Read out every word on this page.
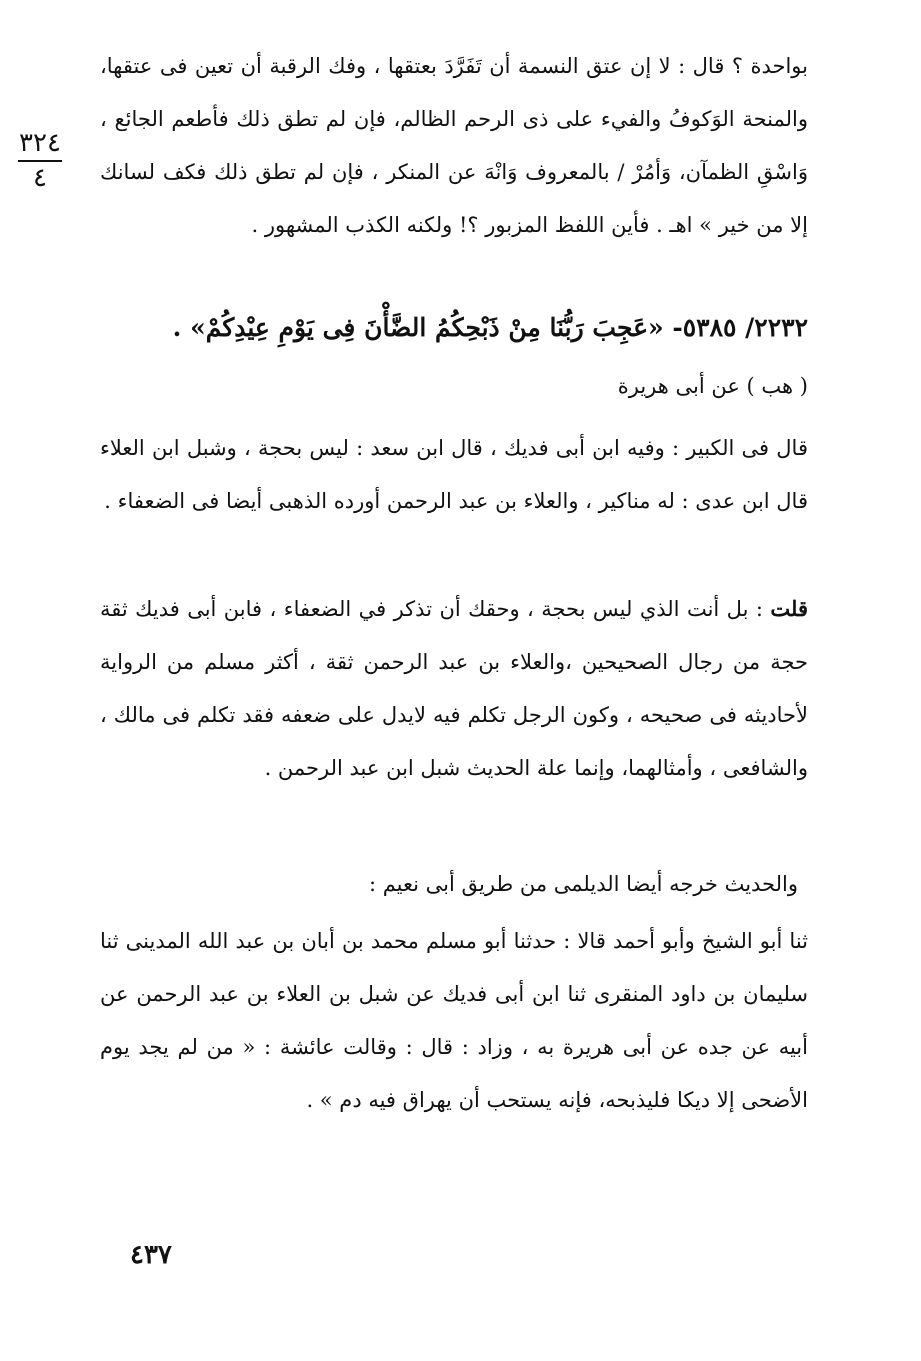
٣٢٤
٤

بواحدة ؟ قال : لا إن عتق النسمة أن تَفَرَّدَ بعتقها ، وفك الرقبة أن تعين فى عتقها، والمنحة الوَكوفُ والفيء على ذى الرحم الظالم، فإن لم تطق ذلك فأطعم الجائع ، وَاسْقِ الظمآن، وَأمُرْ / بالمعروف وَانْهَ عن المنكر ، فإن لم تطق ذلك فكف لسانك إلا من خير » اهـ . فأين اللفظ المزبور ؟! ولكنه الكذب المشهور .

٢٢٣٢/ ٥٣٨٥- «عَجِبَ رَبُّنَا مِنْ ذَبْحِكُمُ الضَّأْنَ فِى يَوْمِ عِيْدِكُمْ» .
( هب ) عن أبى هريرة

قال فى الكبير : وفيه ابن أبى فديك ، قال ابن سعد : ليس بحجة ، وشبل ابن العلاء قال ابن عدى : له مناكير ، والعلاء بن عبد الرحمن أورده الذهبى أيضا فى الضعفاء .

قلت : بل أنت الذي ليس بحجة ، وحقك أن تذكر في الضعفاء ، فابن أبى فديك ثقة حجة من رجال الصحيحين ،والعلاء بن عبد الرحمن ثقة ، أكثر مسلم من الرواية لأحاديثه فى صحيحه ، وكون الرجل تكلم فيه لايدل على ضعفه فقد تكلم فى مالك ، والشافعى ، وأمثالهما، وإنما علة الحديث شبل ابن عبد الرحمن .

والحديث خرجه أيضا الديلمى من طريق أبى نعيم :

ثنا أبو الشيخ وأبو أحمد قالا : حدثنا أبو مسلم محمد بن أبان بن عبد الله المدينى ثنا سليمان بن داود المنقرى ثنا ابن أبى فديك عن شبل بن العلاء بن عبد الرحمن عن أبيه عن جده عن أبى هريرة به ، وزاد : قال : وقالت عائشة : « من لم يجد يوم الأضحى إلا ديكا فليذبحه، فإنه يستحب أن يهراق فيه دم » .

٤٣٧
